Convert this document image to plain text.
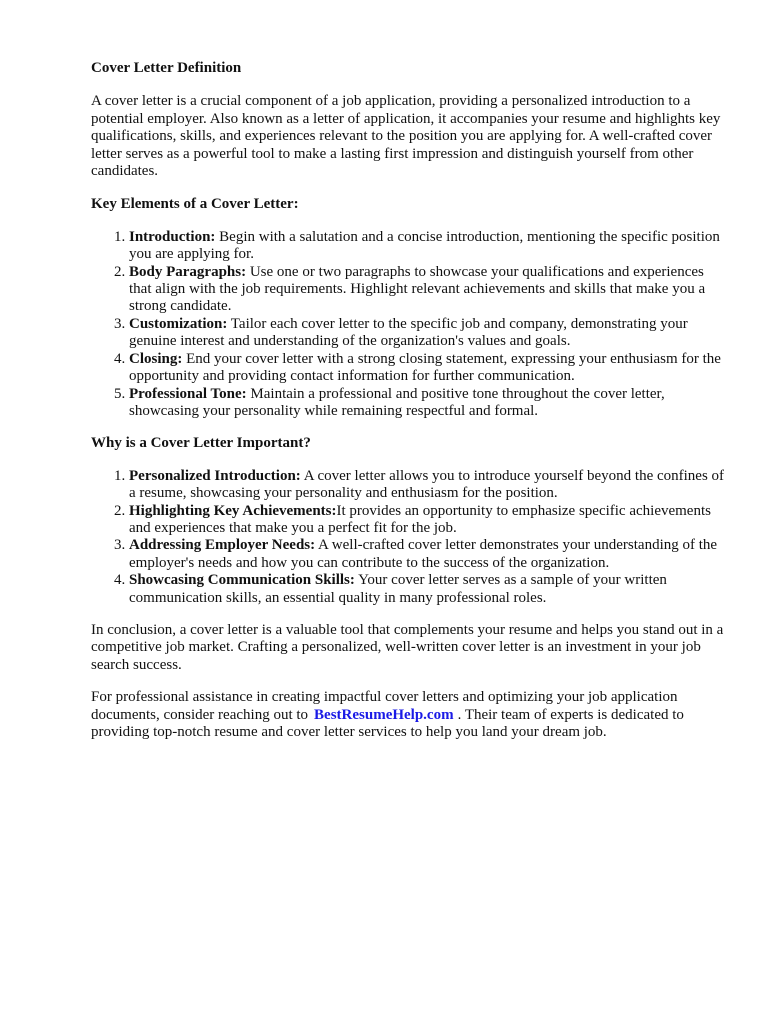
Cover Letter Definition

A cover letter is a crucial component of a job application, providing a personalized introduction to a potential employer. Also known as a letter of application, it accompanies your resume and highlights key qualifications, skills, and experiences relevant to the position you are applying for. A well-crafted cover letter serves as a powerful tool to make a lasting first impression and distinguish yourself from other candidates.

Key Elements of a Cover Letter:
1. Introduction: Begin with a salutation and a concise introduction, mentioning the specific position you are applying for.
2. Body Paragraphs: Use one or two paragraphs to showcase your qualifications and experiences that align with the job requirements. Highlight relevant achievements and skills that make you a strong candidate.
3. Customization: Tailor each cover letter to the specific job and company, demonstrating your genuine interest and understanding of the organization's values and goals.
4. Closing: End your cover letter with a strong closing statement, expressing your enthusiasm for the opportunity and providing contact information for further communication.
5. Professional Tone: Maintain a professional and positive tone throughout the cover letter, showcasing your personality while remaining respectful and formal.
Why is a Cover Letter Important?
1. Personalized Introduction: A cover letter allows you to introduce yourself beyond the confines of a resume, showcasing your personality and enthusiasm for the position.
2. Highlighting Key Achievements:It provides an opportunity to emphasize specific achievements and experiences that make you a perfect fit for the job.
3. Addressing Employer Needs: A well-crafted cover letter demonstrates your understanding of the employer's needs and how you can contribute to the success of the organization.
4. Showcasing Communication Skills: Your cover letter serves as a sample of your written communication skills, an essential quality in many professional roles.

In conclusion, a cover letter is a valuable tool that complements your resume and helps you stand out in a competitive job market. Crafting a personalized, well-written cover letter is an investment in your job search success.

For professional assistance in creating impactful cover letters and optimizing your job application documents, consider reaching out to BestResumeHelp.com . Their team of experts is dedicated to providing top-notch resume and cover letter services to help you land your dream job.
